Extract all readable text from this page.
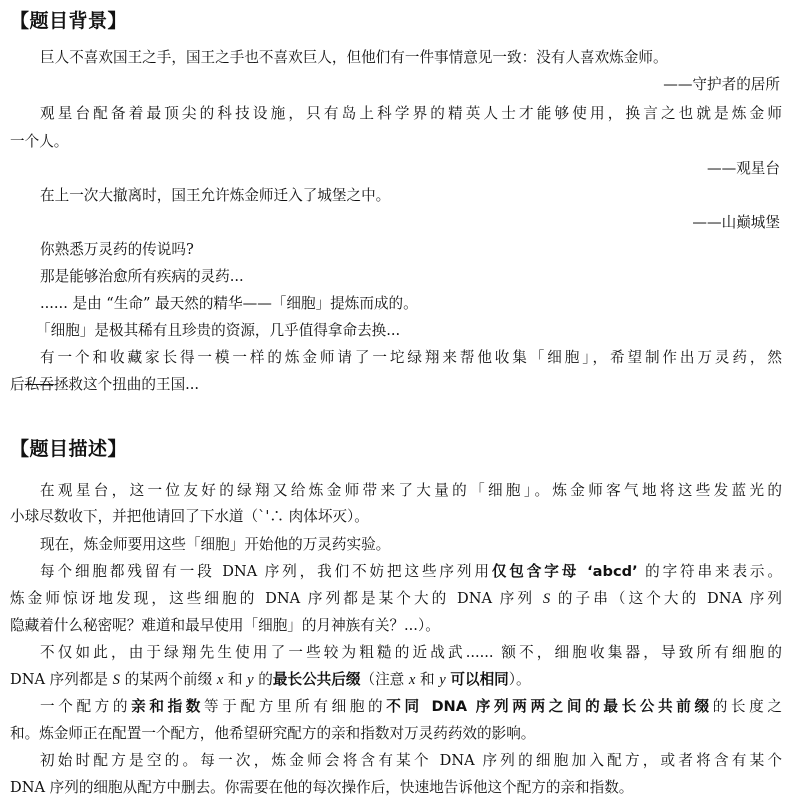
【题目背景】
巨人不喜欢国王之手，国王之手也不喜欢巨人，但他们有一件事情意见一致：没有人喜欢炼金师。
——守护者的居所
观星台配备着最顶尖的科技设施，只有岛上科学界的精英人士才能够使用，换言之也就是炼金师
一个人。
——观星台
在上一次大撤离时，国王允许炼金师迁入了城堡之中。
——山巅城堡
你熟悉万灵药的传说吗?
那是能够治愈所有疾病的灵药...
...... 是由 “生命” 最天然的精华——「细胞」提炼而成的。
「细胞」是极其稀有且珍贵的资源，几乎值得拿命去换...
有一个和收藏家长得一模一样的炼金师请了一坨绿翔来帮他收集「细胞」，希望制作出万灵药，然
后私吞拯救这个扭曲的王国...
【题目描述】
在观星台，这一位友好的绿翔又给炼金师带来了大量的「细胞」。炼金师客气地将这些发蓝光的
小球尽数收下，并把他请回了下水道（`'∴ 肉体坏灭）。
现在，炼金师要用这些「细胞」开始他的万灵药实验。
每个细胞都残留有一段 DNA 序列，我们不妨把这些序列用仅包含字母 ‘abcd’ 的字符串来表示。
炼金师惊讶地发现，这些细胞的 DNA 序列都是某个大的 DNA 序列 S 的子串（这个大的 DNA 序列
隐藏着什么秘密呢？难道和最早使用「细胞」的月神族有关？...）。
不仅如此，由于绿翔先生使用了一些较为粗糙的近战武...... 额不，细胞收集器，导致所有细胞的
DNA 序列都是 S 的某两个前缀 x 和 y 的最长公共后缀（注意 x 和 y 可以相同）。
一个配方的亲和指数等于配方里所有细胞的不同 DNA 序列两两之间的最长公共前缀的长度之
和。炼金师正在配置一个配方，他希望研究配方的亲和指数对万灵药药效的影响。
初始时配方是空的。每一次，炼金师会将含有某个 DNA 序列的细胞加入配方，或者将含有某个
DNA 序列的细胞从配方中删去。你需要在他的每次操作后，快速地告诉他这个配方的亲和指数。
